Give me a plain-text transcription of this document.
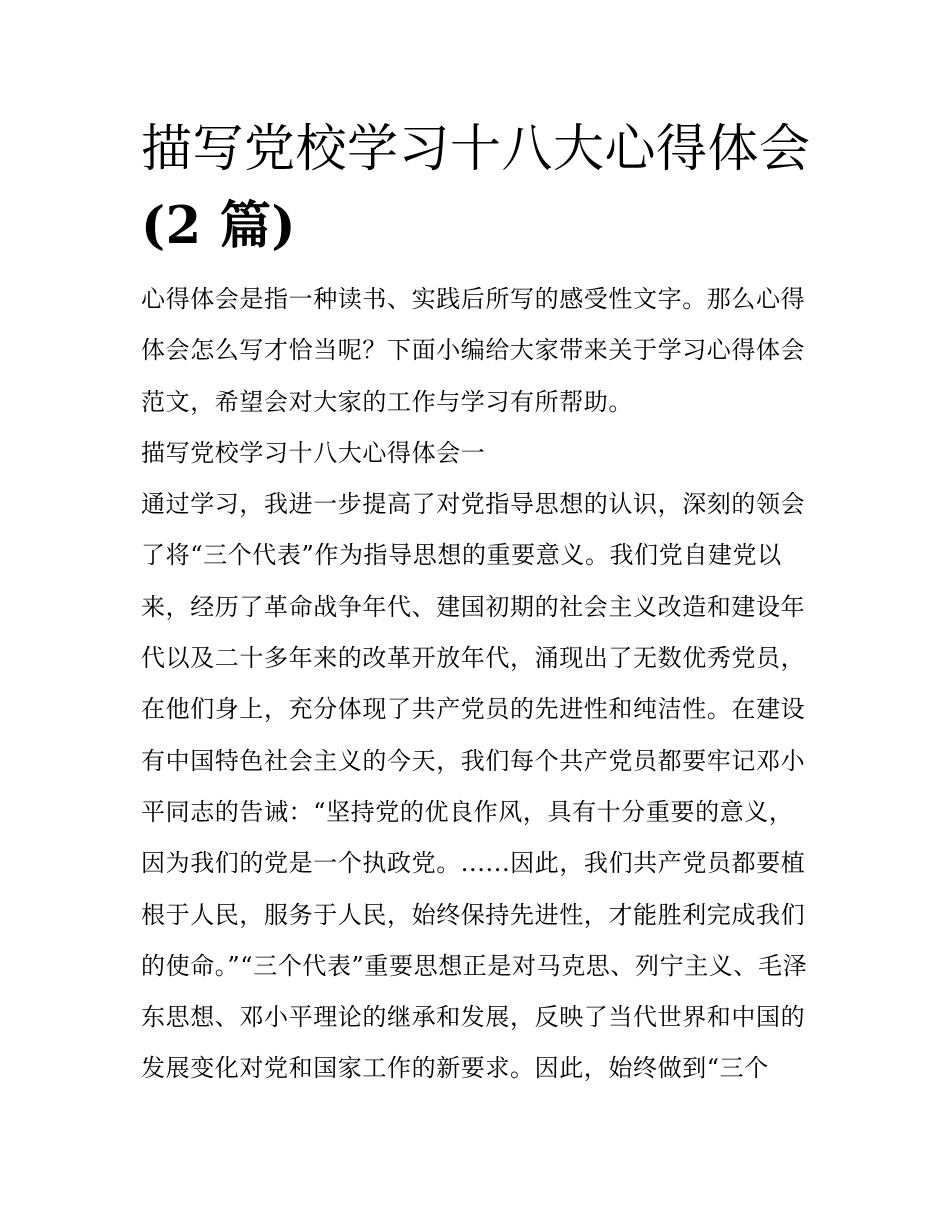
描写党校学习十八大心得体会
(2 篇)

心得体会是指一种读书、实践后所写的感受性文字。那么心得体会怎么写才恰当呢？下面小编给大家带来关于学习心得体会范文，希望会对大家的工作与学习有所帮助。

描写党校学习十八大心得体会一

通过学习，我进一步提高了对党指导思想的认识，深刻的领会了将“三个代表”作为指导思想的重要意义。我们党自建党以来，经历了革命战争年代、建国初期的社会主义改造和建设年代以及二十多年来的改革开放年代，涌现出了无数优秀党员，在他们身上，充分体现了共产党员的先进性和纯洁性。在建设有中国特色社会主义的今天，我们每个共产党员都要牢记邓小平同志的告诫：“坚持党的优良作风，具有十分重要的意义，因为我们的党是一个执政党。......因此，我们共产党员都要植根于人民，服务于人民，始终保持先进性，才能胜利完成我们的使命。”“三个代表”重要思想正是对马克思、列宁主义、毛泽东思想、邓小平理论的继承和发展，反映了当代世界和中国的发展变化对党和国家工作的新要求。因此，始终做到“三个
